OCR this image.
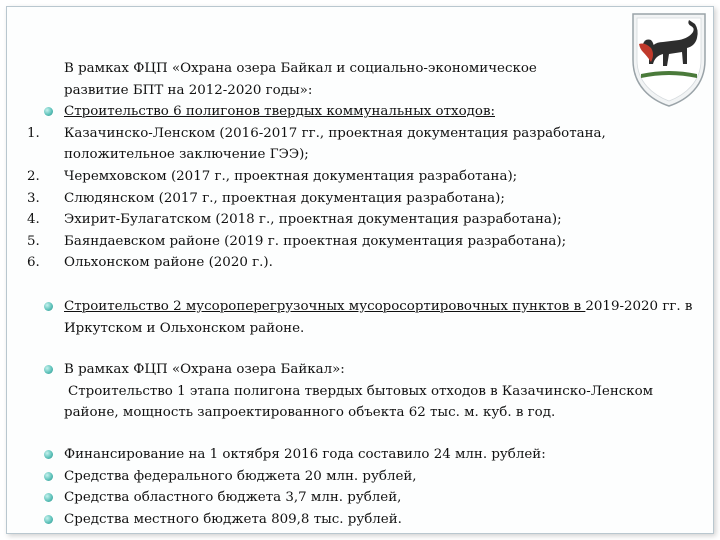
В рамках ФЦП «Охрана озера Байкал и социально-экономическое
развитие БПТ на 2012-2020 годы»:
Строительство 6 полигонов твердых коммунальных отходов:
1.	Казачинско-Ленском (2016-2017 гг., проектная документация разработана,
положительное заключение ГЭЭ);
2.	Черемховском (2017 г., проектная документация разработана);
3.	Слюдянском (2017 г., проектная документация разработана);
4.	Эхирит-Булагатском (2018 г., проектная документация разработана);
5.	Баяндаевском районе (2019 г. проектная документация разработана);
6.	Ольхонском районе (2020 г.).
Строительство 2 мусороперегрузочных мусоросортировочных пунктов в 2019-2020 гг. в
Иркутском и Ольхонском районе.
В рамках ФЦП «Охрана озера Байкал»:
Строительство 1 этапа полигона твердых бытовых отходов в Казачинско-Ленском
районе, мощность запроектированного объекта 62 тыс. м. куб. в год.
Финансирование на 1 октября 2016 года составило 24 млн. рублей:
Средства федерального бюджета 20 млн. рублей,
Средства областного бюджета 3,7 млн. рублей,
Средства местного бюджета 809,8 тыс. рублей.
